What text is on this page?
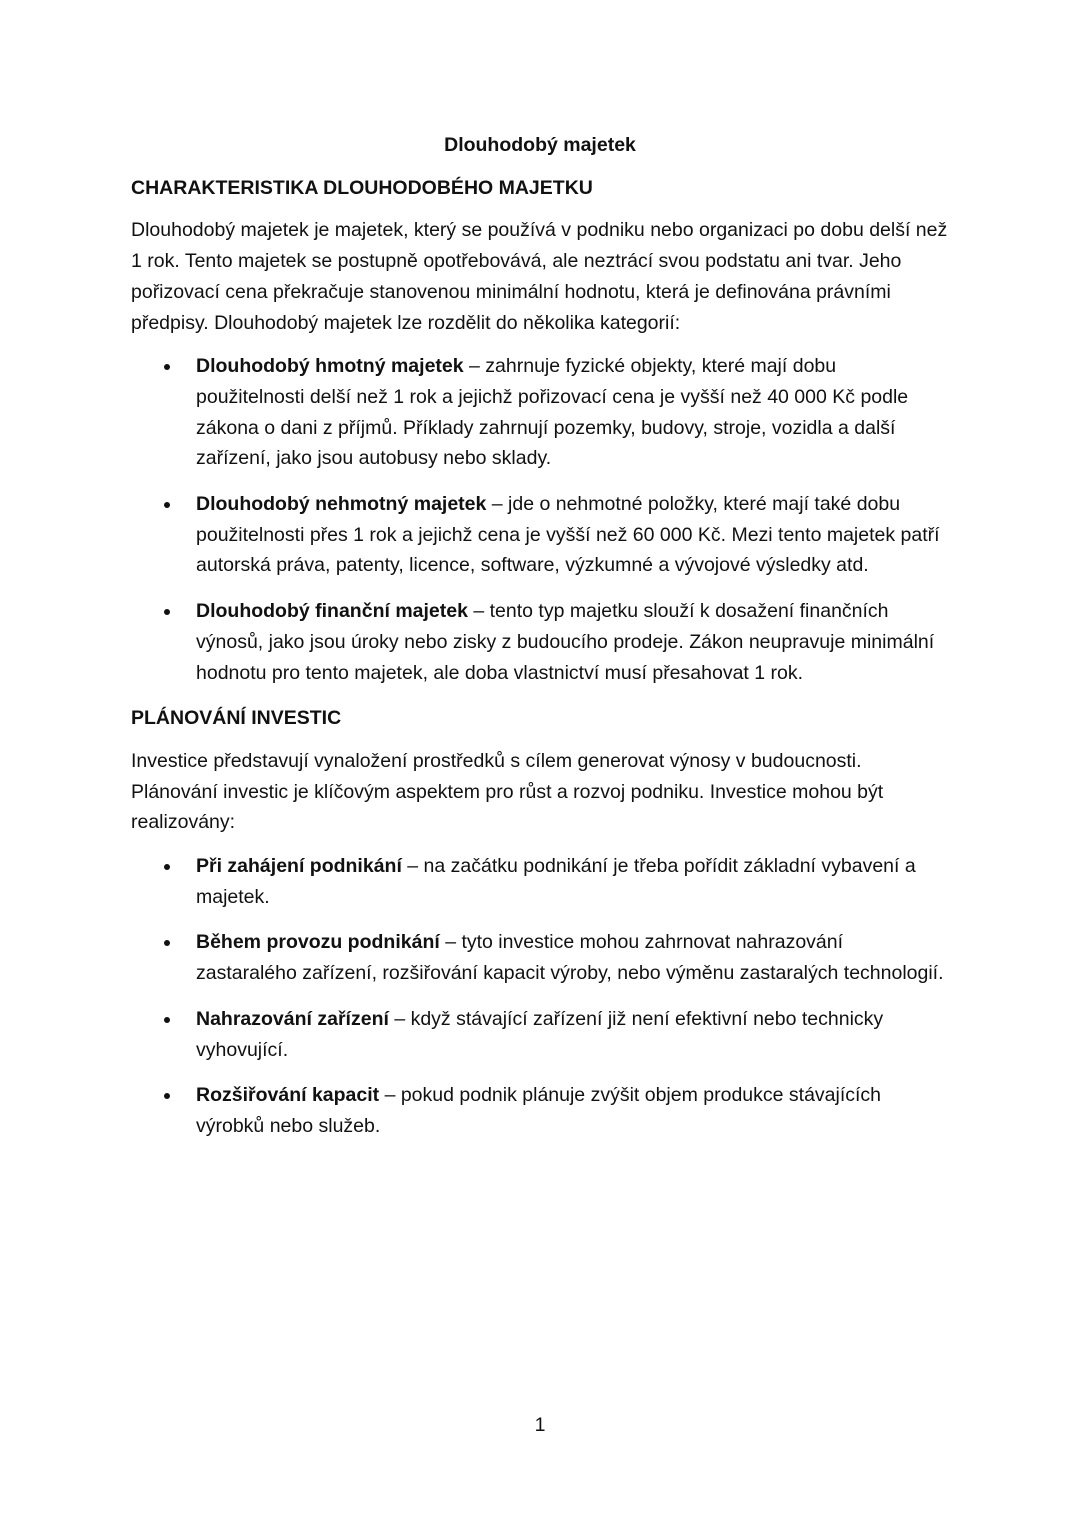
Dlouhodobý majetek
CHARAKTERISTIKA DLOUHODOBÉHO MAJETKU

Dlouhodobý majetek je majetek, který se používá v podniku nebo organizaci po dobu delší než 1 rok. Tento majetek se postupně opotřebovává, ale neztrácí svou podstatu ani tvar. Jeho pořizovací cena překračuje stanovenou minimální hodnotu, která je definována právními předpisy. Dlouhodobý majetek lze rozdělit do několika kategorií:

Dlouhodobý hmotný majetek – zahrnuje fyzické objekty, které mají dobu použitelnosti delší než 1 rok a jejichž pořizovací cena je vyšší než 40 000 Kč podle zákona o dani z příjmů. Příklady zahrnují pozemky, budovy, stroje, vozidla a další zařízení, jako jsou autobusy nebo sklady.
Dlouhodobý nehmotný majetek – jde o nehmotné položky, které mají také dobu použitelnosti přes 1 rok a jejichž cena je vyšší než 60 000 Kč. Mezi tento majetek patří autorská práva, patenty, licence, software, výzkumné a vývojové výsledky atd.
Dlouhodobý finanční majetek – tento typ majetku slouží k dosažení finančních výnosů, jako jsou úroky nebo zisky z budoucího prodeje. Zákon neupravuje minimální hodnotu pro tento majetek, ale doba vlastnictví musí přesahovat 1 rok.
PLÁNOVÁNÍ INVESTIC

Investice představují vynaložení prostředků s cílem generovat výnosy v budoucnosti. Plánování investic je klíčovým aspektem pro růst a rozvoj podniku. Investice mohou být realizovány:

Při zahájení podnikání – na začátku podnikání je třeba pořídit základní vybavení a majetek.
Během provozu podnikání – tyto investice mohou zahrnovat nahrazování zastaralého zařízení, rozšiřování kapacit výroby, nebo výměnu zastaralých technologií.
Nahrazování zařízení – když stávající zařízení již není efektivní nebo technicky vyhovující.
Rozšiřování kapacit – pokud podnik plánuje zvýšit objem produkce stávajících výrobků nebo služeb.
1
